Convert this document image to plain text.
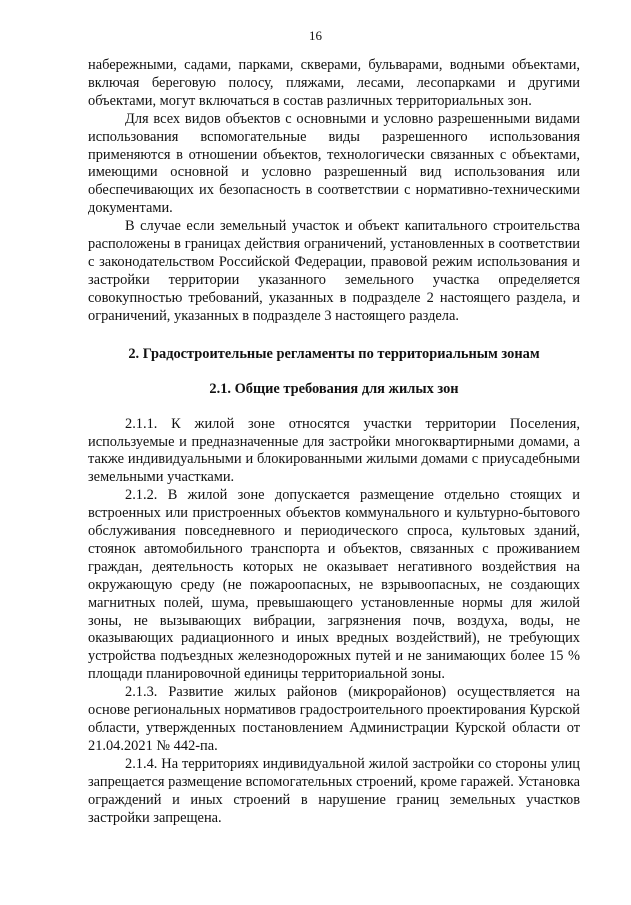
16

набережными, садами, парками, скверами, бульварами, водными объектами, включая береговую полосу, пляжами, лесами, лесопарками и другими объектами, могут включаться в состав различных территориальных зон.

Для всех видов объектов с основными и условно разрешенными видами использования вспомогательные виды разрешенного использования применяются в отношении объектов, технологически связанных с объектами, имеющими основной и условно разрешенный вид использования или обеспечивающих их безопасность в соответствии с нормативно-техническими документами.

В случае если земельный участок и объект капитального строительства расположены в границах действия ограничений, установленных в соответствии с законодательством Российской Федерации, правовой режим использования и застройки территории указанного земельного участка определяется совокупностью требований, указанных в подразделе 2 настоящего раздела, и ограничений, указанных в подразделе 3 настоящего раздела.

2. Градостроительные регламенты по территориальным зонам
2.1. Общие требования для жилых зон

2.1.1. К жилой зоне относятся участки территории Поселения, используемые и предназначенные для застройки многоквартирными домами, а также индивидуальными и блокированными жилыми домами с приусадебными земельными участками.

2.1.2. В жилой зоне допускается размещение отдельно стоящих и встроенных или пристроенных объектов коммунального и культурно-бытового обслуживания повседневного и периодического спроса, культовых зданий, стоянок автомобильного транспорта и объектов, связанных с проживанием граждан, деятельность которых не оказывает негативного воздействия на окружающую среду (не пожароопасных, не взрывоопасных, не создающих магнитных полей, шума, превышающего установленные нормы для жилой зоны, не вызывающих вибрации, загрязнения почв, воздуха, воды, не оказывающих радиационного и иных вредных воздействий), не требующих устройства подъездных железнодорожных путей и не занимающих более 15 % площади планировочной единицы территориальной зоны.

2.1.3. Развитие жилых районов (микрорайонов) осуществляется на основе региональных нормативов градостроительного проектирования Курской области, утвержденных постановлением Администрации Курской области от 21.04.2021 № 442-па.

2.1.4. На территориях индивидуальной жилой застройки со стороны улиц запрещается размещение вспомогательных строений, кроме гаражей. Установка ограждений и иных строений в нарушение границ земельных участков застройки запрещена.
